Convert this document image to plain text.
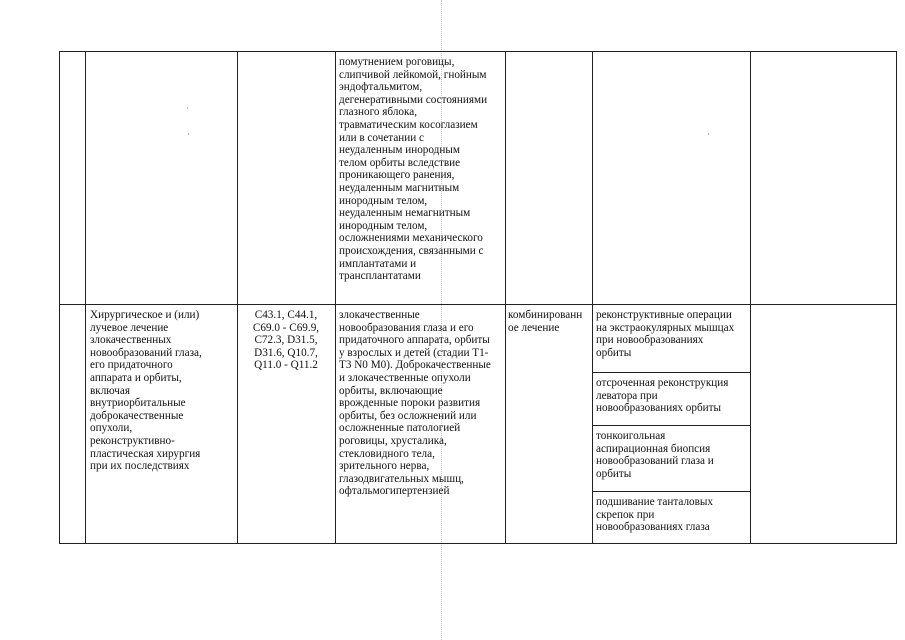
·
·	·
помутнением роговицы,
слипчивой лейкомой, гнойным
эндофтальмитом,
дегенеративными состояниями
глазного яблока,
травматическим косоглазием
или в сочетании с
неудаленным инородным
телом орбиты вследствие
проникающего ранения,
неудаленным магнитным
инородным телом,
неудаленным немагнитным
инородным телом,
осложнениями механического
происхождения, связанными с
имплантатами и
трансплантатами
Хирургическое и (или)
лучевое лечение
злокачественных
новообразований глаза,
его придаточного
аппарата и орбиты,
включая
внутриорбитальные
доброкачественные
опухоли,
реконструктивно-
пластическая хирургия
при их последствиях
C43.1, C44.1,
C69.0 - C69.9,
C72.3, D31.5,
D31.6, Q10.7,
Q11.0 - Q11.2
злокачественные
новообразования глаза и его
придаточного аппарата, орбиты
у взрослых и детей (стадии T1-
T3 N0 M0). Доброкачественные
и злокачественные опухоли
орбиты, включающие
врожденные пороки развития
орбиты, без осложнений или
осложненные патологией
роговицы, хрусталика,
стекловидного тела,
зрительного нерва,
глазодвигательных мышц,
офтальмогипертензией
комбинированн
ое лечение
реконструктивные операции
на экстраокулярных мышцах
при новообразованиях
орбиты
отсроченная реконструкция
леватора при
новообразованиях орбиты
тонкоигольная
аспирационная биопсия
новообразований глаза и
орбиты
подшивание танталовых
скрепок при
новообразованиях глаза
